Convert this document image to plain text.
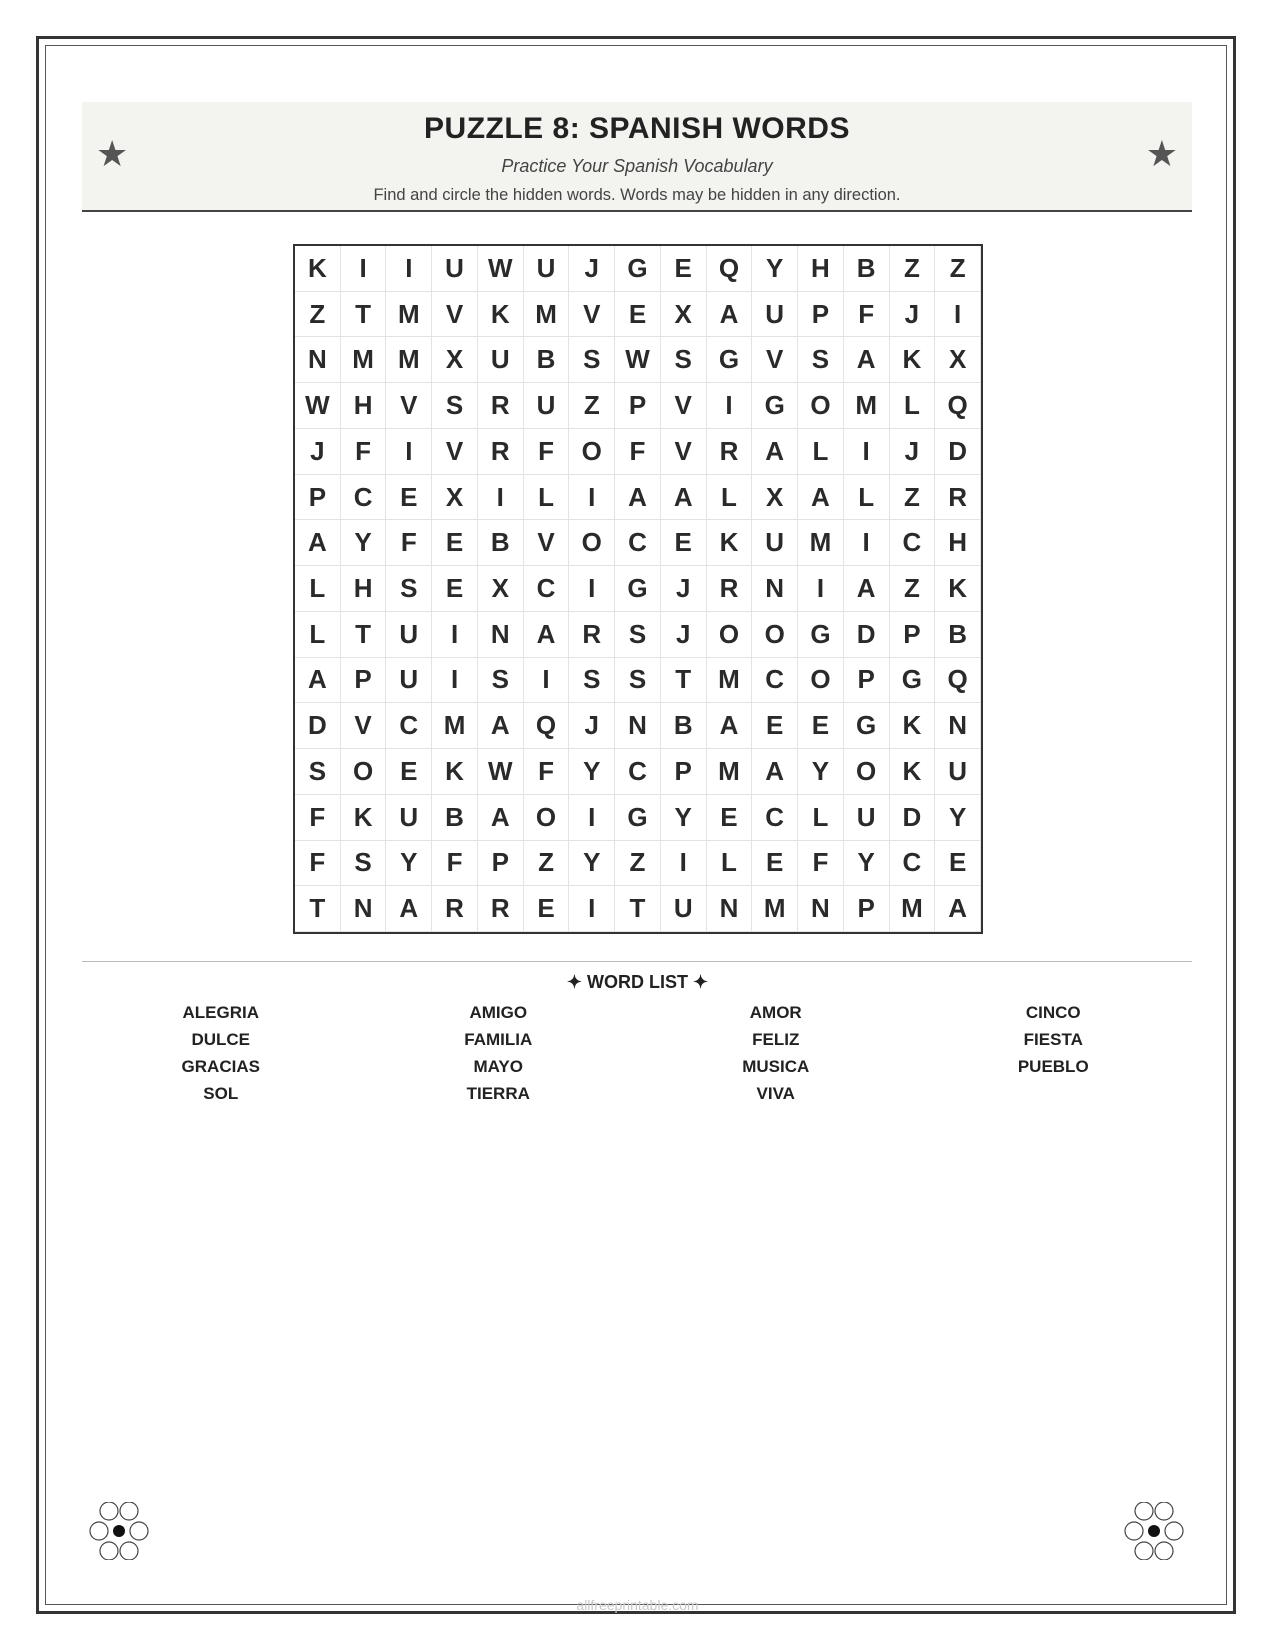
★
PUZZLE 8: SPANISH WORDS
Practice Your Spanish Vocabulary
Find and circle the hidden words. Words may be hidden in any direction.
★
K	I	I	U W U	J	G	E	Q	Y	H	B	Z	Z
Z	T	M	V	K M	V	E	X	A	U	P	F	J	I
N M M	X	U	B	S W S	G	V	S	A	K	X
W H	V	S	R	U	Z	P	V	I	G O M	L	Q
J	F	I	V	R	F	O	F	V	R	A	L	I	J	D
P	C	E	X	I	L	I	A	A	L	X	A	L	Z	R
A	Y	F	E	B	V	O	C	E	K	U M	I	C	H
L	H	S	E	X	C	I	G	J	R	N	I	A	Z	K
L	T	U	I	N	A	R	S	J	O O G	D	P	B
A	P	U	I	S	I	S	S	T	M C	O	P	G Q
D	V	C M A	Q	J	N	B	A	E	E	G	K	N
S	O	E	K W F	Y	C	P	M A	Y	O	K	U
F	K	U	B	A	O	I	G	Y	E	C	L	U	D	Y
F	S	Y	F	P	Z	Y	Z	I	L	E	F	Y	C	E
T	N	A	R	R	E	I	T	U	N M N	P	M A
✦ WORD LIST ✦
ALEGRIA	AMIGO	AMOR	CINCO
DULCE	FAMILIA	FELIZ	FIESTA
GRACIAS	MAYO	MUSICA	PUEBLO
SOL	TIERRA	VIVA
allfreeprintable.com
